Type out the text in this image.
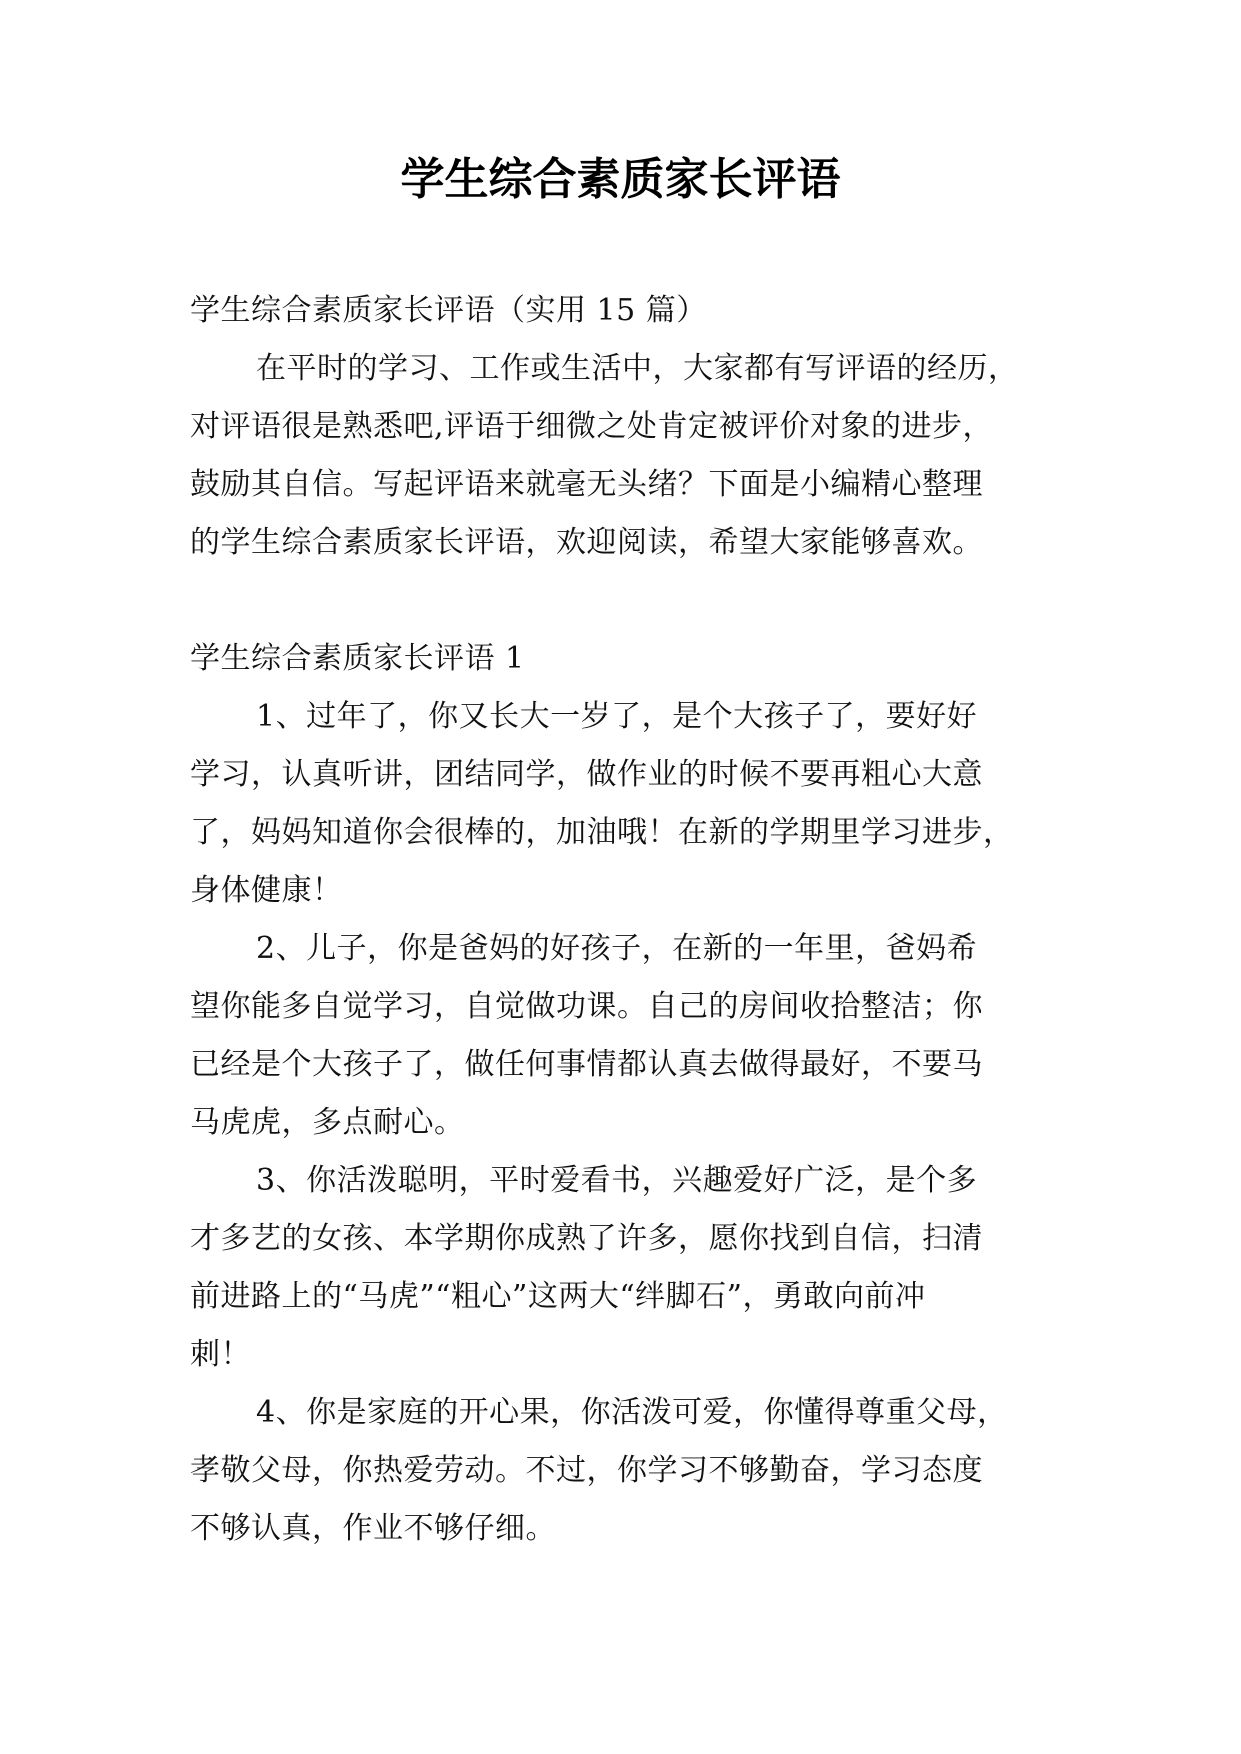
学生综合素质家长评语
学生综合素质家长评语（实用 15 篇）
在平时的学习、工作或生活中，大家都有写评语的经历，
对评语很是熟悉吧,评语于细微之处肯定被评价对象的进步，
鼓励其自信。写起评语来就毫无头绪？下面是小编精心整理
的学生综合素质家长评语，欢迎阅读，希望大家能够喜欢。
学生综合素质家长评语 1
1、过年了，你又长大一岁了，是个大孩子了，要好好
学习，认真听讲，团结同学，做作业的时候不要再粗心大意
了，妈妈知道你会很棒的，加油哦！在新的学期里学习进步，
身体健康！
2、儿子，你是爸妈的好孩子，在新的一年里，爸妈希
望你能多自觉学习，自觉做功课。自己的房间收拾整洁；你
已经是个大孩子了，做任何事情都认真去做得最好，不要马
马虎虎，多点耐心。
3、你活泼聪明，平时爱看书，兴趣爱好广泛，是个多
才多艺的女孩、本学期你成熟了许多，愿你找到自信，扫清
前进路上的“马虎”“粗心”这两大“绊脚石”，勇敢向前冲
刺！
4、你是家庭的开心果，你活泼可爱，你懂得尊重父母，
孝敬父母，你热爱劳动。不过，你学习不够勤奋，学习态度
不够认真，作业不够仔细。
